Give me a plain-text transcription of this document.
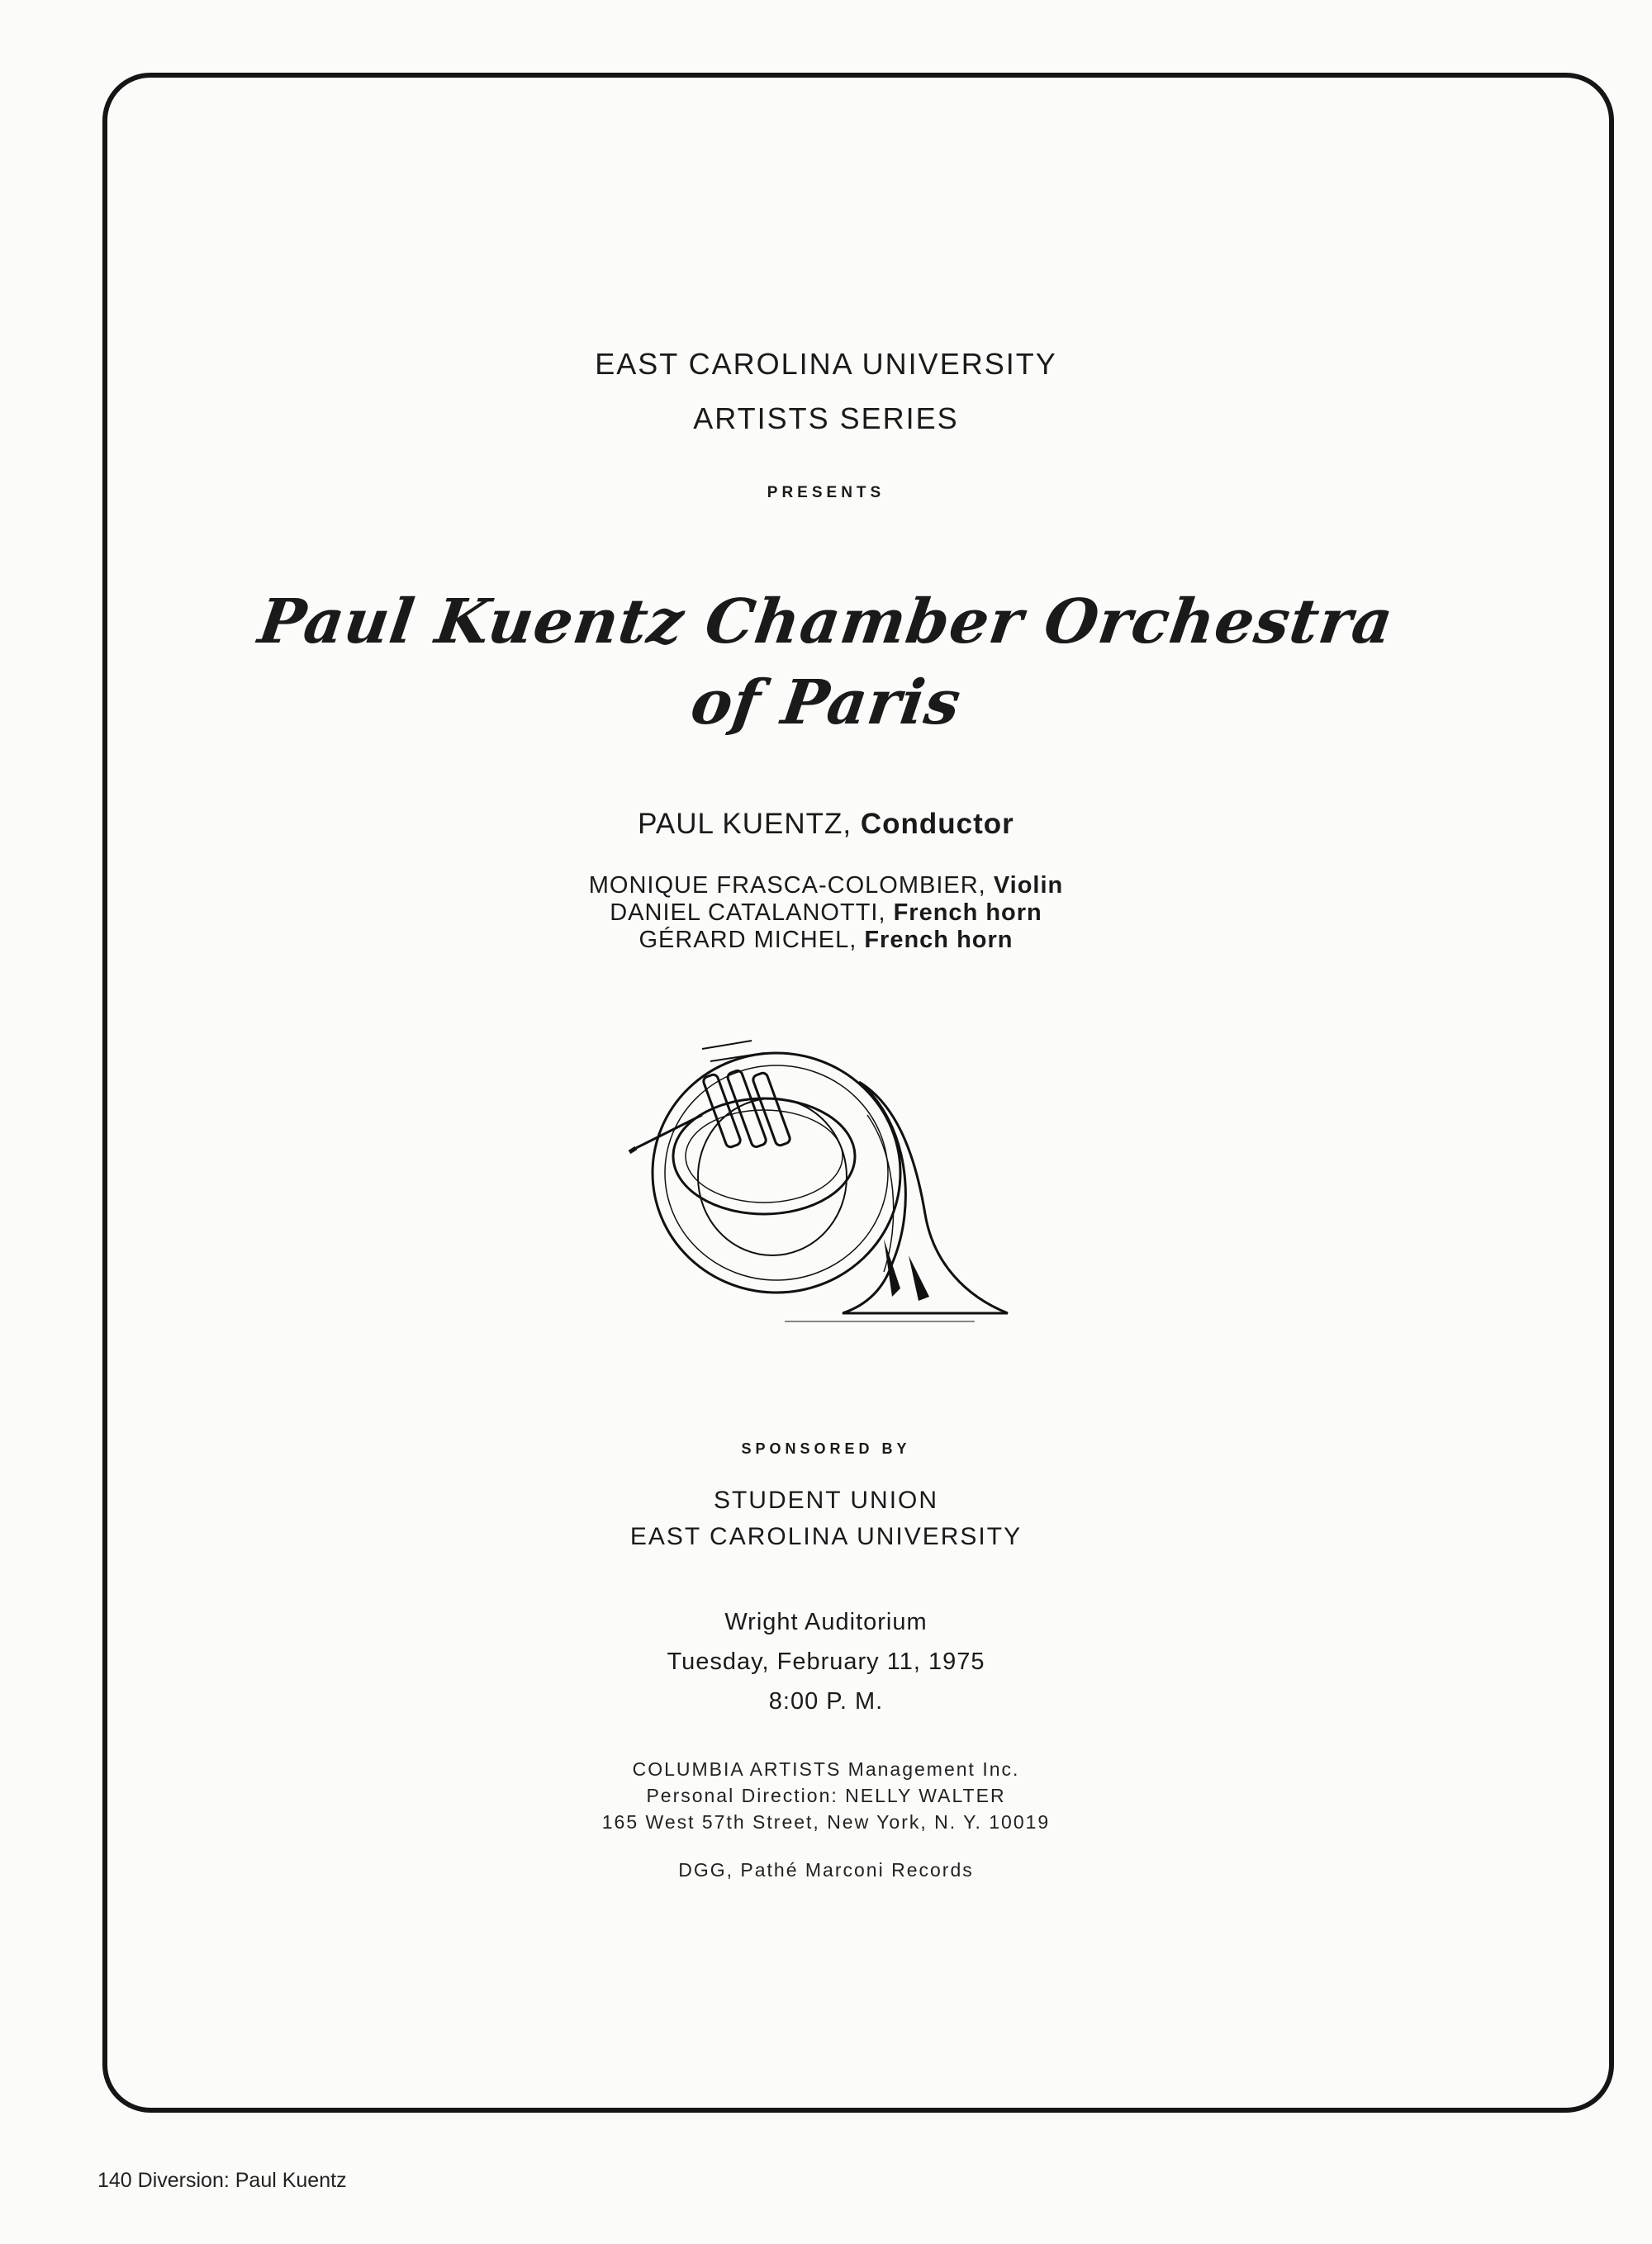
EAST CAROLINA UNIVERSITY
ARTISTS SERIES
PRESENTS
Paul Kuentz Chamber Orchestra
of Paris
PAUL KUENTZ, Conductor
MONIQUE FRASCA-COLOMBIER, Violin
DANIEL CATALANOTTI, French horn
GÉRARD MICHEL, French horn
SPONSORED BY
STUDENT UNION
EAST CAROLINA UNIVERSITY
Wright Auditorium
Tuesday, February 11, 1975
8:00 P. M.
COLUMBIA ARTISTS Management Inc.
Personal Direction: NELLY WALTER
165 West 57th Street, New York, N. Y. 10019
DGG, Pathé Marconi Records
140 Diversion: Paul Kuentz
